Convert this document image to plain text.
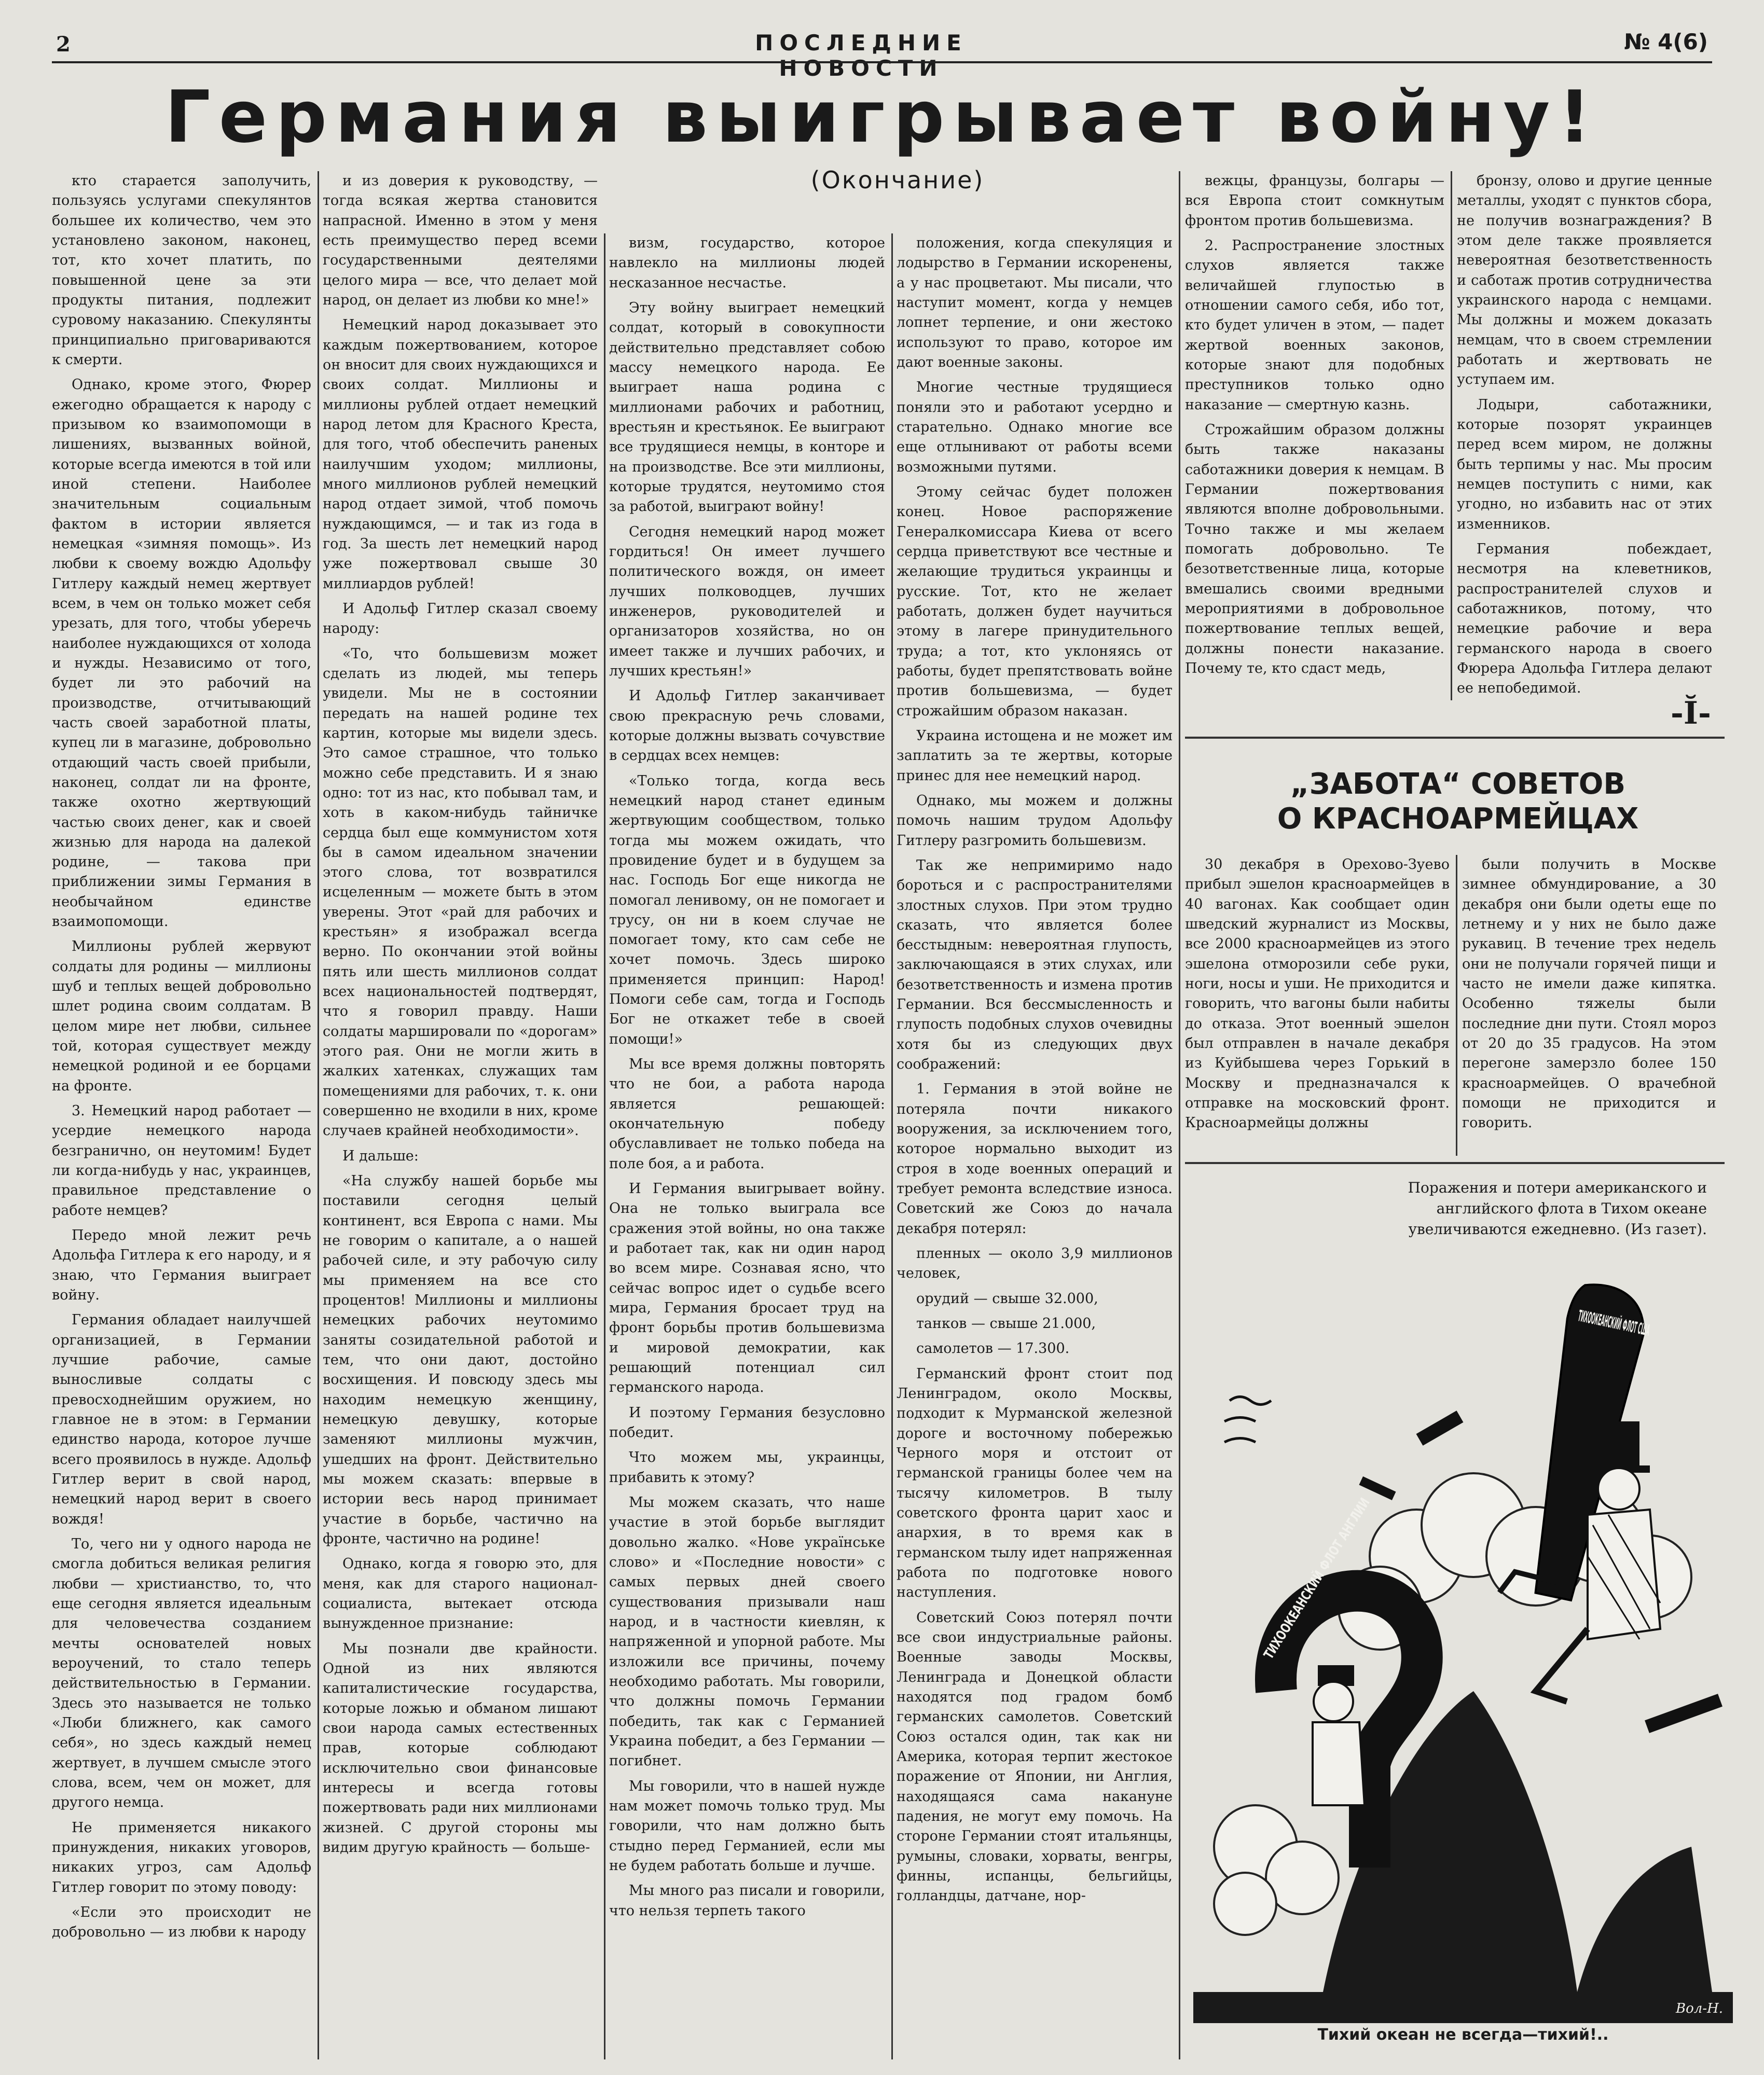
2	ПОСЛЕДНИЕ НОВОСТИ
№ 4(6)
Германия выигрывает войну!
(Окончание)

кто старается заполучить, пользуясь услугами спекулянтов большее их количество, чем это установлено законом, наконец, тот, кто хочет платить, по повышенной цене за эти продукты питания, подлежит суровому наказанию. Спекулянты принципиально приговариваются к смерти.

Однако, кроме этого, Фюрер ежегодно обращается к народу с призывом ко взаимопомощи в лишениях, вызванных войной, которые всегда имеются в той или иной степени. Наиболее значительным социальным фактом в истории является немецкая «зимняя помощь». Из любви к своему вождю Адольфу Гитлеру каждый немец жертвует всем, в чем он только может себя урезать, для того, чтобы уберечь наиболее нуждающихся от холода и нужды. Независимо от того, будет ли это рабочий на производстве, отчитывающий часть своей заработной платы, купец ли в магазине, добровольно отдающий часть своей прибыли, наконец, солдат ли на фронте, также охотно жертвующий частью своих денег, как и своей жизнью для народа на далекой родине, — такова при приближении зимы Германия в необычайном единстве взаимопомощи.

Миллионы рублей жеpвуют солдаты для родины — миллионы шуб и теплых вещей добровольно шлет родина своим солдатам. В целом мире нет любви, сильнее той, которая существует между немецкой родиной и ее борцами на фронте.

3. Немецкий народ работает — усердие немецкого народа безгранично, он неутомим! Будет ли когда-нибудь у нас, украинцев, правильное представление о работе немцев?

Передо мной лежит речь Адольфа Гитлера к его народу, и я знаю, что Германия выиграет войну.

Германия обладает наилучшей организацией, в Германии лучшие рабочие, самые выносливые солдаты с превосходнейшим оружием, но главное не в этом: в Германии единство народа, которое лучше всего проявилось в нужде. Адольф Гитлер верит в свой народ, немецкий народ верит в своего вождя!

То, чего ни у одного народа не смогла добиться великая религия любви — христианство, то, что еще сегодня является идеальным для человечества созданием мечты основателей новых вероучений, то стало теперь действительностью в Германии. Здесь это называется не только «Люби ближнего, как самого себя», но здесь каждый немец жертвует, в лучшем смысле этого слова, всем, чем он может, для другого немца.

Не применяется никакого принуждения, никаких уговоров, никаких угроз, сам Адольф Гитлер говорит по этому поводу:

«Если это происходит не добровольно — из любви к народу

и из доверия к руководству, — тогда всякая жертва становится напрасной. Именно в этом у меня есть преимущество перед всеми государственными деятелями целого мира — все, что делает мой народ, он делает из любви ко мне!»

Немецкий народ доказывает это каждым пожертвованием, которое он вносит для своих нуждающихся и своих солдат. Миллионы и миллионы рублей отдает немецкий народ летом для Красного Креста, для того, чтоб обеспечить раненых наилучшим уходом; миллионы, много миллионов рублей немецкий народ отдает зимой, чтоб помочь нуждающимся, — и так из года в год. За шесть лет немецкий народ уже пожертвовал свыше 30 миллиардов рублей!

И Адольф Гитлер сказал своему народу:

«То, что большевизм может сделать из людей, мы теперь увидели. Мы не в состоянии передать на нашей родине тех картин, которые мы видели здесь. Это самое страшное, что только можно себе представить. И я знаю одно: тот из нас, кто побывал там, и хоть в каком-нибудь тайничке сердца был еще коммунистом хотя бы в самом идеальном значении этого слова, тот возвратился исцеленным — можете быть в этом уверены. Этот «рай для рабочих и крестьян» я изображал всегда верно. По окончании этой войны пять или шесть миллионов солдат всех национальностей подтвердят, что я говорил правду. Наши солдаты маршировали по «дорогам» этого рая. Они не могли жить в жалких хатенках, служащих там помещениями для рабочих, т. к. они совершенно не входили в них, кроме случаев крайней необходимости».

И дальше:

«На службу нашей борьбе мы поставили сегодня целый континент, вся Европа с нами. Мы не говорим о капитале, а о нашей рабочей силе, и эту рабочую силу мы применяем на все сто процентов! Миллионы и миллионы немецких рабочих неутомимо заняты созидательной работой и тем, что они дают, достойно восхищения. И повсюду здесь мы находим немецкую женщину, немецкую девушку, которые заменяют миллионы мужчин, ушедших на фронт. Действительно мы можем сказать: впервые в истории весь народ принимает участие в борьбе, частично на фронте, частично на родине!

Однако, когда я говорю это, для меня, как для старого национал-социалиста, вытекает отсюда вынужденное признание:

Мы познали две крайности. Одной из них являются капиталистические государства, которые ложью и обманом лишают свои народа самых естественных прав, которые соблюдают исключительно свои финансовые интересы и всегда готовы пожертвовать ради них миллионами жизней. С другой стороны мы видим другую крайность — больше-

визм, государство, которое навлекло на миллионы людей несказанное несчастье.

Эту войну выиграет немецкий солдат, который в совокупности действительно представляет собою массу немецкого народа. Ее выиграет наша родина с миллионами рабочих и работниц, врестьян и крестьянок. Ее выиграют все трудящиеся немцы, в конторе и на производстве. Все эти миллионы, которые трудятся, неутомимо стоя за работой, выиграют войну!

Сегодня немецкий народ может гордиться! Он имеет лучшего политического вождя, он имеет лучших полководцев, лучших инженеров, руководителей и организаторов хозяйства, но он имеет также и лучших рабочих, и лучших крестьян!»

И Адольф Гитлер заканчивает свою прекрасную речь словами, которые должны вызвать сочувствие в сердцах всех немцев:

«Только тогда, когда весь немецкий народ станет единым жертвующим сообществом, только тогда мы можем ожидать, что провидение будет и в будущем за нас. Господь Бог еще никогда не помогал ленивому, он не помогает и трусу, он ни в коем случае не помогает тому, кто сам себе не хочет помочь. Здесь широко применяется принцип: Народ! Помоги себе сам, тогда и Господь Бог не откажет тебе в своей помощи!»

Мы все время должны повторять что не бои, а работа народа является решающей: окончательную победу обуславливает не только победа на поле боя, а и работа.

И Германия выигрывает войну. Она не только выиграла все сражения этой войны, но она также и работает так, как ни один народ во всем мире. Сознавая ясно, что сейчас вопрос идет о судьбе всего мира, Германия бросает труд на фронт борьбы против большевизма и мировой демократии, как решающий потенциал сил германского народа.

И поэтому Германия безусловно победит.

Что можем мы, украинцы, прибавить к этому?

Мы можем сказать, что наше участие в этой борьбе выглядит довольно жалко. «Нове українське слово» и «Последние новости» с самых первых дней своего существования призывали наш народ, и в частности киевлян, к напряженной и упорной работе. Мы изложили все причины, почему необходимо работать. Мы говорили, что должны помочь Германии победить, так как с Германией Украина победит, а без Германии — погибнет.

Мы говорили, что в нашей нужде нам может помочь только труд. Мы говорили, что нам должно быть стыдно перед Германией, если мы не будем работать больше и лучше.

Мы много раз писали и говорили, что нельзя терпеть такого

положения, когда спекуляция и лодырство в Германии искоренены, а у нас процветают. Мы писали, что наступит момент, когда у немцев лопнет терпение, и они жестоко используют то право, которое им дают военные законы.

Многие честные трудящиеся поняли это и работают усердно и старательно. Однако многие все еще отлынивают от работы всеми возможными путями.

Этому сейчас будет положен конец. Новое распоряжение Генералкомиссара Киева от всего сердца приветствуют все честные и желающие трудиться украинцы и русские. Тот, кто не желает работать, должен будет научиться этому в лагере принудительного труда; а тот, кто уклоняясь от работы, будет препятствовать войне против большевизма, — будет строжайшим образом наказан.

Украина истощена и не может им заплатить за те жертвы, которые принес для нее немецкий народ.

Однако, мы можем и должны помочь нашим трудом Адольфу Гитлеру разгромить большевизм.

Так же непримиримо надо бороться и с распространителями злостных слухов. При этом трудно сказать, что является более бесстыдным: невероятная глупость, заключающаяся в этих слухах, или безответственность и измена против Германии. Вся бессмысленность и глупость подобных слухов очевидны хотя бы из следующих двух соображений:

1. Германия в этой войне не потеряла почти никакого вооружения, за исключением того, которое нормально выходит из строя в ходе военных операций и требует ремонта вследствие износа. Советский же Союз до начала декабря потерял:

пленных — около 3,9 миллионов человек,

орудий — свыше 32.000,

танков — свыше 21.000,

самолетов — 17.300.

Германский фронт стоит под Ленинградом, около Москвы, подходит к Мурманской железной дороге и восточному побережью Черного моря и отстоит от германской границы более чем на тысячу километров. В тылу советского фронта царит хаос и анархия, в то время как в германском тылу идет напряженная работа по подготовке нового наступления.

Советский Союз потерял почти все свои индустриальные районы. Военные заводы Москвы, Ленинграда и Донецкой области находятся под градом бомб германских самолетов. Советский Союз остался один, так как ни Америка, которая терпит жестокое поражение от Японии, ни Англия, находящаяся сама накануне падения, не могут ему помочь. На стороне Германии стоят итальянцы, румыны, словаки, хорваты, венгры, финны, испанцы, бельгийцы, голландцы, датчане, нор-

вежцы, французы, болгары — вся Европа стоит сомкнутым фронтом против большевизма.

2. Распространение злостных слухов является также величайшей глупостью в отношении самого себя, ибо тот, кто будет уличен в этом, — падет жертвой военных законов, которые знают для подобных преступников только одно наказание — смертную казнь.

Строжайшим образом должны быть также наказаны саботажники доверия к немцам. В Германии пожертвования являются вполне добровольными. Точно также и мы желаем помогать добровольно. Те безответственные лица, которые вмешались своими вредными мероприятиями в добровольное пожертвование теплых вещей, должны понести наказание. Почему те, кто сдаст медь,

бронзу, олово и другие ценные металлы, уходят с пунктов сбора, не получив вознаграждения? В этом деле также проявляется невероятная безответственность и саботаж против сотрудничества украинского народа с немцами. Мы должны и можем доказать немцам, что в своем стремлении работать и жертвовать не уступаем им.

Лодыри, саботажники, которые позорят украинцев перед всем миром, не должны быть терпимы у нас. Мы просим немцев поступить с ними, как угодно, но избавить нас от этих изменников.

Германия побеждает, несмотря на клеветников, распространителей слухов и саботажников, потому, что немецкие рабочие и вера германского народа в своего Фюрера Адольфа Гитлера делают ее непобедимой.

-Ĭ-
„ЗАБОТА“ СОВЕТОВ
О КРАСНОАРМЕЙЦАХ

30 декабря в Орехово-Зуево прибыл эшелон красноармейцев в 40 вагонах. Как сообщает один шведский журналист из Москвы, все 2000 красноармейцев из этого эшелона отморозили себе руки, ноги, носы и уши. Не приходится и говорить, что вагоны были набиты до отказа. Этот военный эшелон был отправлен в начале декабря из Куйбышева через Горький в Москву и предназначался к отправке на московский фронт. Красноармейцы должны

были получить в Москве зимнее обмундирование, а 30 декабря они были одеты еще по летнему и у них не было даже рукавиц. В течение трех недель они не получали горячей пищи и часто не имели даже кипятка. Особенно тяжелы были последние дни пути. Стоял мороз от 20 до 35 градусов. На этом перегоне замерзло более 150 красноармейцев. О врачебной помощи не приходится и говорить.

Поражения и потери американского и английского флота в Тихом океане увеличиваются ежедневно. (Из газет).
ТИХООКЕАНСКИЙ ФЛОТ АНГЛИИ
Вол-Н.
Тихий океан не всегда—тихий!..
